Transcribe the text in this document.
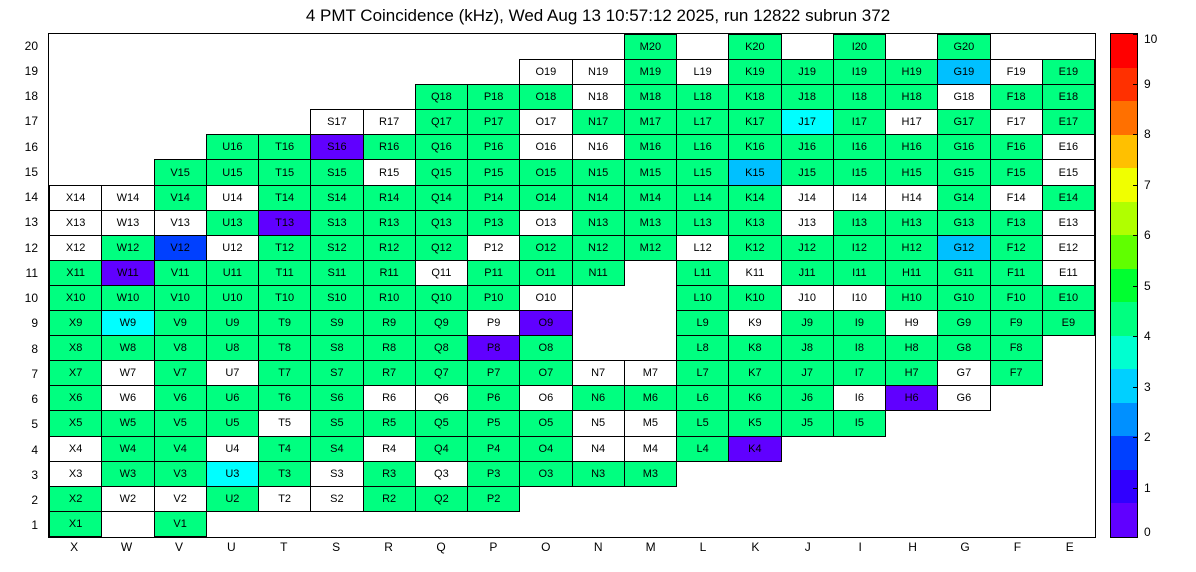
4 PMT Coincidence (kHz), Wed Aug 13 10:57:12 2025, run 12822 subrun 372
20
19
18
17
16
15
14
13
12
11
10
9
8
7
6
5
4
3
2
1
											M20		K20		I20		G20		
									O19	N19	M19	L19	K19	J19	I19	H19	G19	F19	E19
							Q18	P18	O18	N18	M18	L18	K18	J18	I18	H18	G18	F18	E18
					S17	R17	Q17	P17	O17	N17	M17	L17	K17	J17	I17	H17	G17	F17	E17
			U16	T16	S16	R16	Q16	P16	O16	N16	M16	L16	K16	J16	I16	H16	G16	F16	E16
		V15	U15	T15	S15	R15	Q15	P15	O15	N15	M15	L15	K15	J15	I15	H15	G15	F15	E15
X14	W14	V14	U14	T14	S14	R14	Q14	P14	O14	N14	M14	L14	K14	J14	I14	H14	G14	F14	E14
X13	W13	V13	U13	T13	S13	R13	Q13	P13	O13	N13	M13	L13	K13	J13	I13	H13	G13	F13	E13
X12	W12	V12	U12	T12	S12	R12	Q12	P12	O12	N12	M12	L12	K12	J12	I12	H12	G12	F12	E12
X11	W11	V11	U11	T11	S11	R11	Q11	P11	O11	N11		L11	K11	J11	I11	H11	G11	F11	E11
X10	W10	V10	U10	T10	S10	R10	Q10	P10	O10			L10	K10	J10	I10	H10	G10	F10	E10
X9	W9	V9	U9	T9	S9	R9	Q9	P9	O9			L9	K9	J9	I9	H9	G9	F9	E9
X8	W8	V8	U8	T8	S8	R8	Q8	P8	O8			L8	K8	J8	I8	H8	G8	F8	
X7	W7	V7	U7	T7	S7	R7	Q7	P7	O7	N7	M7	L7	K7	J7	I7	H7	G7	F7	
X6	W6	V6	U6	T6	S6	R6	Q6	P6	O6	N6	M6	L6	K6	J6	I6	H6	G6		
X5	W5	V5	U5	T5	S5	R5	Q5	P5	O5	N5	M5	L5	K5	J5	I5				
X4	W4	V4	U4	T4	S4	R4	Q4	P4	O4	N4	M4	L4	K4						
X3	W3	V3	U3	T3	S3	R3	Q3	P3	O3	N3	M3								
X2	W2	V2	U2	T2	S2	R2	Q2	P2											
X1		V1																	
X	W	V	U	T	S	R	Q	P	O	N	M	L	K	J	I	H	G	F	E
0
1
2
3
4
5
6
7
8
9
10
